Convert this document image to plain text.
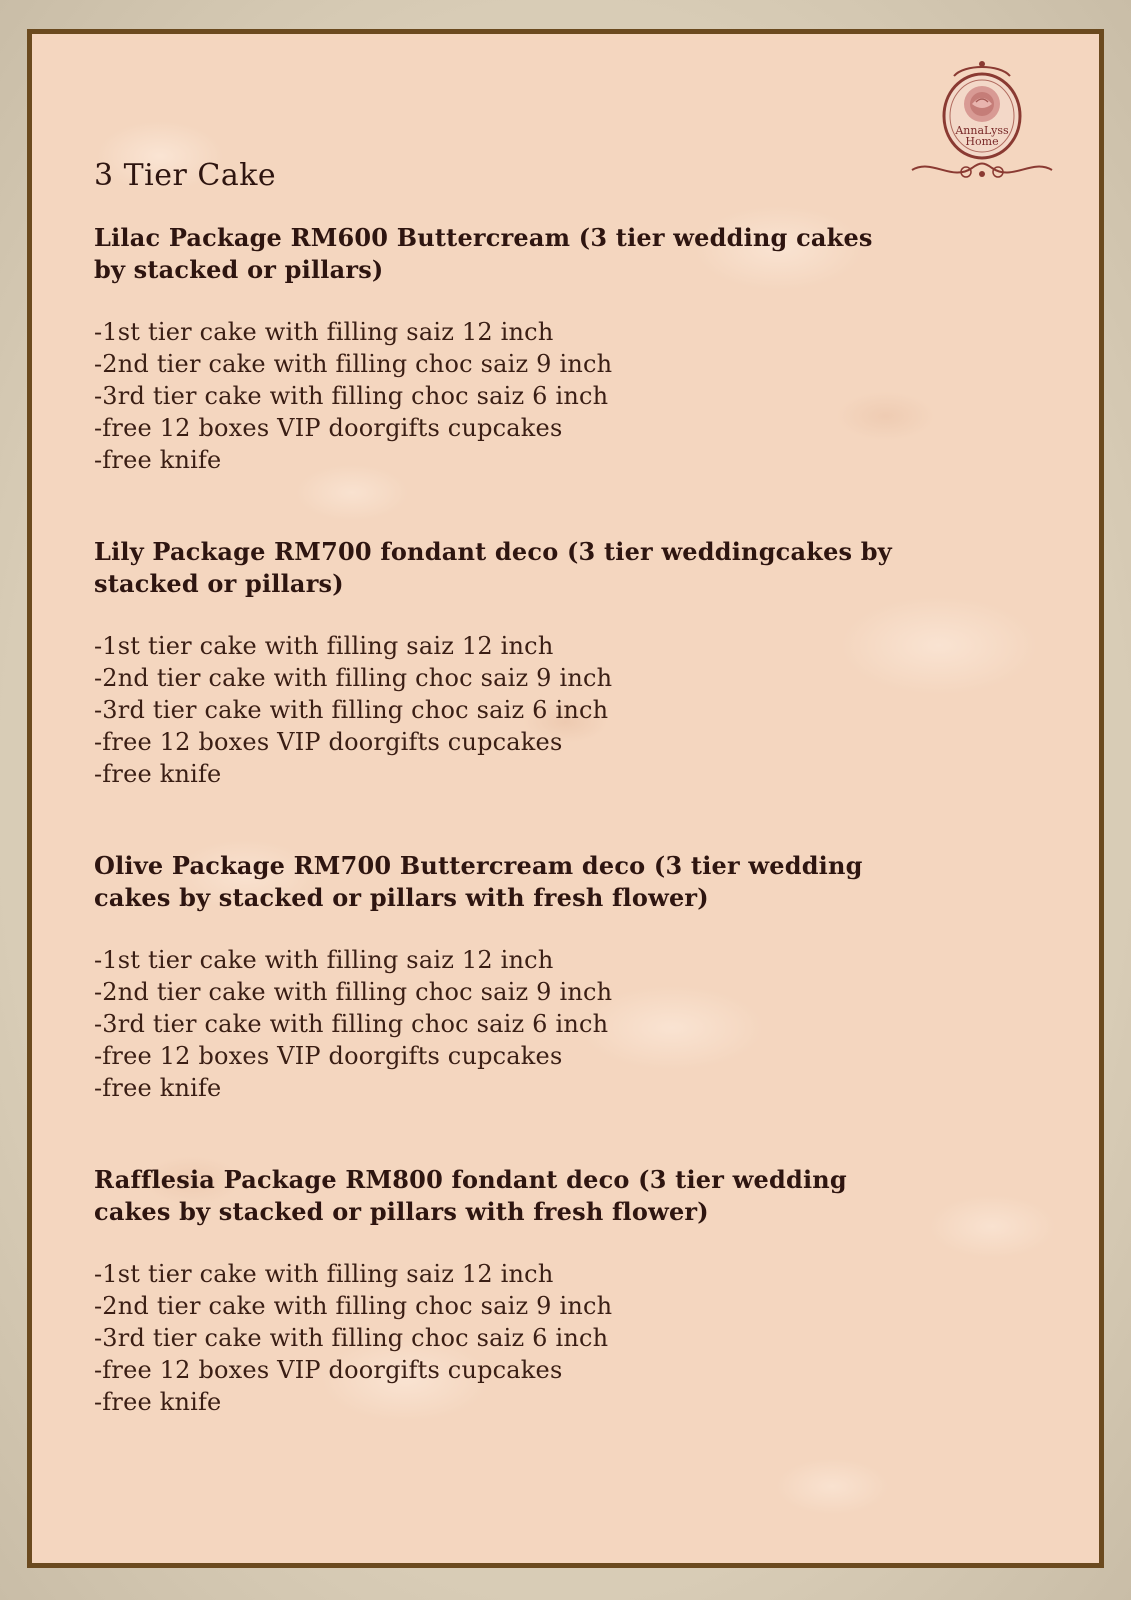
AnnaLyss
Home
3 Tier Cake
Lilac Package RM600 Buttercream (3 tier wedding cakes by stacked or pillars)
-1st tier cake with filling saiz 12 inch
-2nd tier cake with filling choc saiz 9 inch
-3rd tier cake with filling choc saiz 6 inch
-free 12 boxes VIP doorgifts cupcakes
-free knife
Lily Package RM700 fondant deco (3 tier weddingcakes by stacked or pillars)
-1st tier cake with filling saiz 12 inch
-2nd tier cake with filling choc saiz 9 inch
-3rd tier cake with filling choc saiz 6 inch
-free 12 boxes VIP doorgifts cupcakes
-free knife
Olive Package RM700 Buttercream deco (3 tier wedding cakes by stacked or pillars with fresh flower)
-1st tier cake with filling saiz 12 inch
-2nd tier cake with filling choc saiz 9 inch
-3rd tier cake with filling choc saiz 6 inch
-free 12 boxes VIP doorgifts cupcakes
-free knife
Rafflesia Package RM800 fondant deco (3 tier wedding cakes by stacked or pillars with fresh flower)
-1st tier cake with filling saiz 12 inch
-2nd tier cake with filling choc saiz 9 inch
-3rd tier cake with filling choc saiz 6 inch
-free 12 boxes VIP doorgifts cupcakes
-free knife
